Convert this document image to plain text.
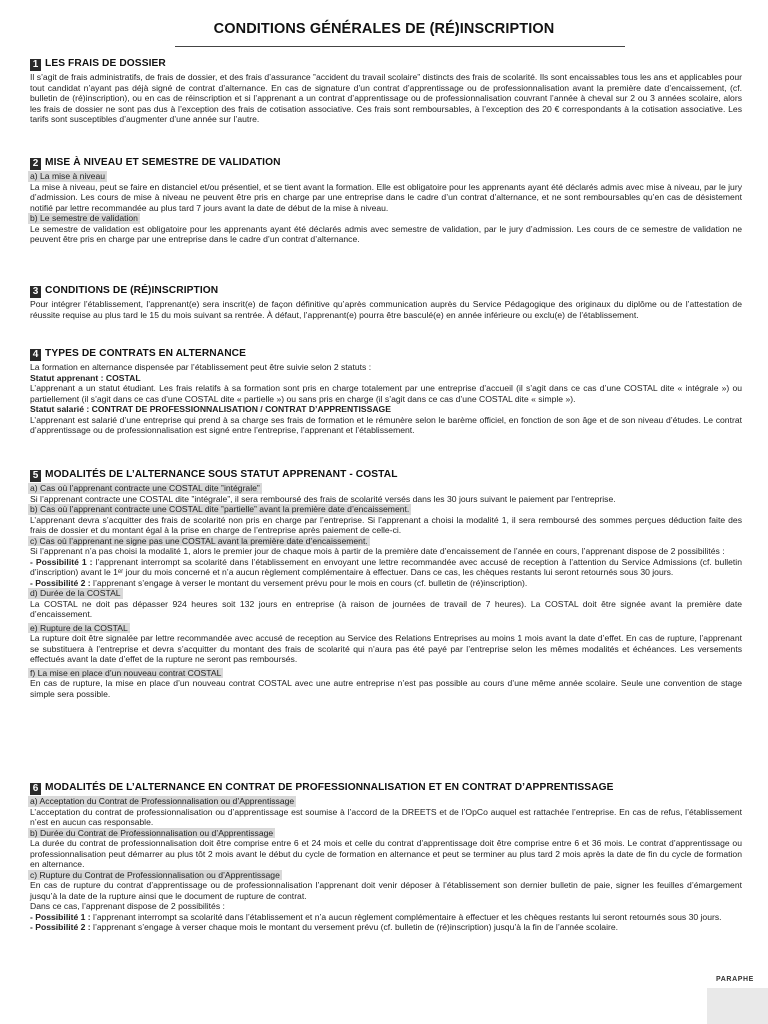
CONDITIONS GÉNÉRALES DE (RÉ)INSCRIPTION
1 LES FRAIS DE DOSSIER

Il s’agit de frais administratifs, de frais de dossier, et des frais d’assurance ‟accident du travail scolaire” distincts des frais de scolarité. Ils sont encaissables tous les ans et applicables pour tout candidat n’ayant pas déjà signé de contrat d’alternance. En cas de signature d’un contrat d’apprentissage ou de professionnalisation avant la première date d’encaissement, (cf. bulletin de (ré)inscription), ou en cas de réinscription et si l’apprenant a un contrat d’apprentissage ou de professionnalisation couvrant l’année à cheval sur 2 ou 3 années scolaire, alors les frais de dossier ne sont pas dus à l’exception des frais de cotisation associative. Ces frais sont remboursables, à l’exception des 20 € correspondants à la cotisation associative. Les tarifs sont susceptibles d’augmenter d’une année sur l’autre.

2 MISE À NIVEAU ET SEMESTRE DE VALIDATION
a) La mise à niveau

La mise à niveau, peut se faire en distanciel et/ou présentiel, et se tient avant la formation. Elle est obligatoire pour les apprenants ayant été déclarés admis avec mise à niveau, par le jury d’admission. Les cours de mise à niveau ne peuvent être pris en charge par une entreprise dans le cadre d’un contrat d’alternance, et ne sont remboursables qu’en cas de désistement notifié par lettre recommandée au plus tard 7 jours avant la date de début de la mise à niveau.

b) Le semestre de validation

Le semestre de validation est obligatoire pour les apprenants ayant été déclarés admis avec semestre de validation, par le jury d’admission. Les cours de ce semestre de validation ne peuvent être pris en charge par une entreprise dans le cadre d’un contrat d’alternance.

3 CONDITIONS DE (RÉ)INSCRIPTION

Pour intégrer l’établissement, l’apprenant(e) sera inscrit(e) de façon définitive qu’après communication auprès du Service Pédagogique des originaux du diplôme ou de l’attestation de réussite requise au plus tard le 15 du mois suivant sa rentrée. À défaut, l’apprenant(e) pourra être basculé(e) en année inférieure ou exclu(e) de l’établissement.

4 TYPES DE CONTRATS EN ALTERNANCE

La formation en alternance dispensée par l’établissement peut être suivie selon 2 statuts :

Statut apprenant : COSTAL

L’apprenant a un statut étudiant. Les frais relatifs à sa formation sont pris en charge totalement par une entreprise d’accueil (il s’agit dans ce cas d’une COSTAL dite « intégrale ») ou partiellement (il s’agit dans ce cas d’une COSTAL dite « partielle ») ou sans pris en charge (il s’agit dans ce cas d’une COSTAL dite « simple »).

Statut salarié : CONTRAT DE PROFESSIONNALISATION / CONTRAT D’APPRENTISSAGE

L’apprenant est salarié d’une entreprise qui prend à sa charge ses frais de formation et le rémunère selon le barème officiel, en fonction de son âge et de son niveau d’études. Le contrat d’apprentissage ou de professionnalisation est signé entre l’entreprise, l’apprenant et l’établissement.

5 MODALITÉS DE L’ALTERNANCE SOUS STATUT APPRENANT - COSTAL
a) Cas où l’apprenant contracte une COSTAL dite ‟intégrale”

Si l’apprenant contracte une COSTAL dite ‟intégrale”, il sera remboursé des frais de scolarité versés dans les 30 jours suivant le paiement par l’entreprise.

b) Cas où l’apprenant contracte une COSTAL dite ‟partielle” avant la première date d’encaissement.

L’apprenant devra s’acquitter des frais de scolarité non pris en charge par l’entreprise. Si l’apprenant a choisi la modalité 1, il sera remboursé des sommes perçues déduction faite des frais de dossier et du montant égal à la prise en charge de l’entreprise après paiement de celle-ci.

c) Cas où l’apprenant ne signe pas une COSTAL avant la première date d’encaissement.

Si l’apprenant n’a pas choisi la modalité 1, alors le premier jour de chaque mois à partir de la première date d’encaissement de l’année en cours, l’apprenant dispose de 2 possibilités :

- Possibilité 1 : l’apprenant interrompt sa scolarité dans l’établissement en envoyant une lettre recommandée avec accusé de reception à l’attention du Service Admissions (cf. bulletin d’inscription) avant le 1ᵉʳ jour du mois concerné et n’a aucun règlement complémentaire à effectuer. Dans ce cas, les chèques restants lui seront retournés sous 30 jours.

- Possibilité 2 : l’apprenant s’engage à verser le montant du versement prévu pour le mois en cours (cf. bulletin de (ré)inscription).

d) Durée de la COSTAL

La COSTAL ne doit pas dépasser 924 heures soit 132 jours en entreprise (à raison de journées de travail de 7 heures). La COSTAL doit être signée avant la première date d’encaissement.

e) Rupture de la COSTAL

La rupture doit être signalée par lettre recommandée avec accusé de reception au Service des Relations Entreprises au moins 1 mois avant la date d’effet. En cas de rupture, l’apprenant se substituera à l’entreprise et devra s’acquitter du montant des frais de scolarité qui n’aura pas été payé par l’entreprise selon les mêmes modalités et échéances. Les versements effectués avant la date d’effet de la rupture ne seront pas remboursés.

f) La mise en place d’un nouveau contrat COSTAL

En cas de rupture, la mise en place d’un nouveau contrat COSTAL avec une autre entreprise n’est pas possible au cours d’une même année scolaire. Seule une convention de stage simple sera possible.

6 MODALITÉS DE L’ALTERNANCE EN CONTRAT DE PROFESSIONNALISATION ET EN CONTRAT D’APPRENTISSAGE
a) Acceptation du Contrat de Professionnalisation ou d’Apprentissage

L’acceptation du contrat de professionnalisation ou d’apprentissage est soumise à l’accord de la DREETS et de l’OpCo auquel est rattachée l’entreprise. En cas de refus, l’établissement n’est en aucun cas responsable.

b) Durée du Contrat de Professionnalisation ou d’Apprentissage

La durée du contrat de professionnalisation doit être comprise entre 6 et 24 mois et celle du contrat d’apprentissage doit être comprise entre 6 et 36 mois. Le contrat d’apprentissage ou professionnalisation peut démarrer au plus tôt 2 mois avant le début du cycle de formation en alternance et peut se terminer au plus tard 2 mois après la date de fin du cycle de formation en alternance.

c) Rupture du Contrat de Professionnalisation ou d’Apprentissage

En cas de rupture du contrat d’apprentissage ou de professionnalisation l’apprenant doit venir déposer à l’établissement son dernier bulletin de paie, signer les feuilles d’émargement jusqu’à la date de la rupture ainsi que le document de rupture de contrat.

Dans ce cas, l’apprenant dispose de 2 possibilités :

- Possibilité 1 : l’apprenant interrompt sa scolarité dans l’établissement et n’a aucun règlement complémentaire à effectuer et les chèques restants lui seront retournés sous 30 jours.

- Possibilité 2 : l’apprenant s’engage à verser chaque mois le montant du versement prévu (cf. bulletin de (ré)inscription) jusqu’à la fin de l’année scolaire.

PARAPHE
